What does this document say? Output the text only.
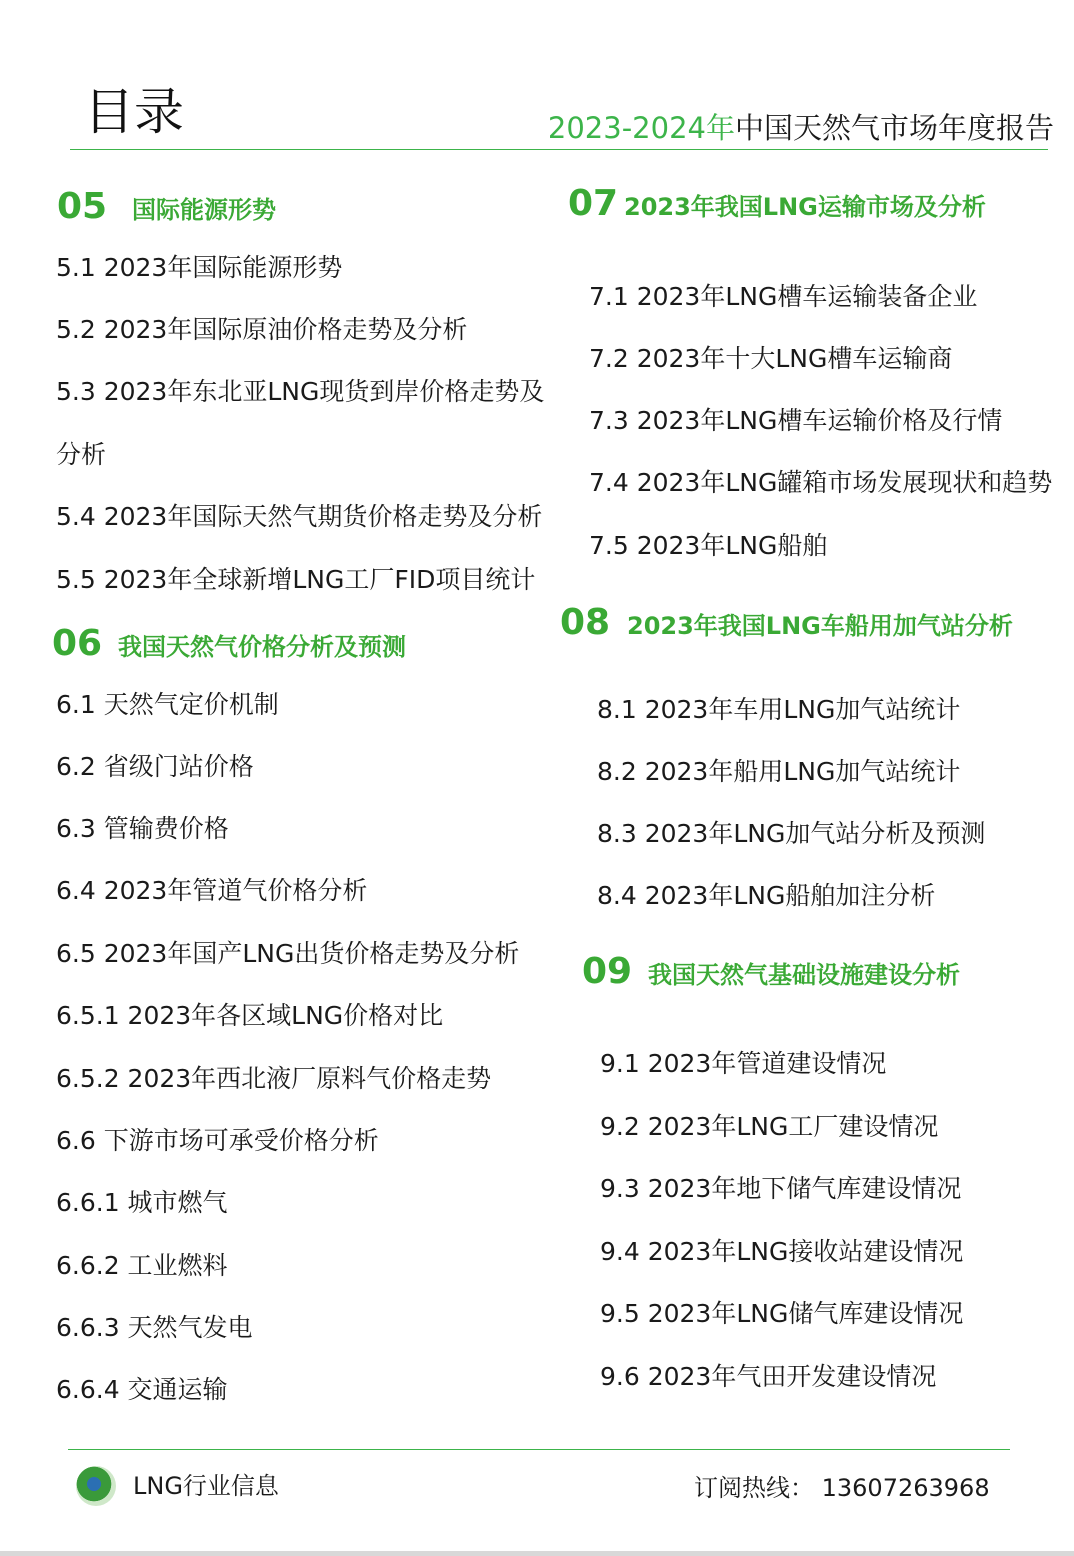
目录	2023-2024年中国天然气市场年度报告
05 国际能源形势
5.1 2023年国际能源形势
5.2 2023年国际原油价格走势及分析
5.3 2023年东北亚LNG现货到岸价格走势及
分析
5.4 2023年国际天然气期货价格走势及分析
5.5 2023年全球新增LNG工厂FID项目统计
06 我国天然气价格分析及预测
6.1 天然气定价机制
6.2 省级门站价格
6.3 管输费价格
6.4 2023年管道气价格分析
6.5 2023年国产LNG出货价格走势及分析
6.5.1 2023年各区域LNG价格对比
6.5.2 2023年西北液厂原料气价格走势
6.6 下游市场可承受价格分析
6.6.1 城市燃气
6.6.2 工业燃料
6.6.3 天然气发电
6.6.4 交通运输
07 2023年我国LNG运输市场及分析
7.1 2023年LNG槽车运输装备企业
7.2 2023年十大LNG槽车运输商
7.3 2023年LNG槽车运输价格及行情
7.4 2023年LNG罐箱市场发展现状和趋势
7.5 2023年LNG船舶
08 2023年我国LNG车船用加气站分析
8.1 2023年车用LNG加气站统计
8.2 2023年船用LNG加气站统计
8.3 2023年LNG加气站分析及预测
8.4 2023年LNG船舶加注分析
09 我国天然气基础设施建设分析
9.1 2023年管道建设情况
9.2 2023年LNG工厂建设情况
9.3 2023年地下储气库建设情况
9.4 2023年LNG接收站建设情况
9.5 2023年LNG储气库建设情况
9.6 2023年气田开发建设情况
LNG行业信息	订阅热线： 13607263968
